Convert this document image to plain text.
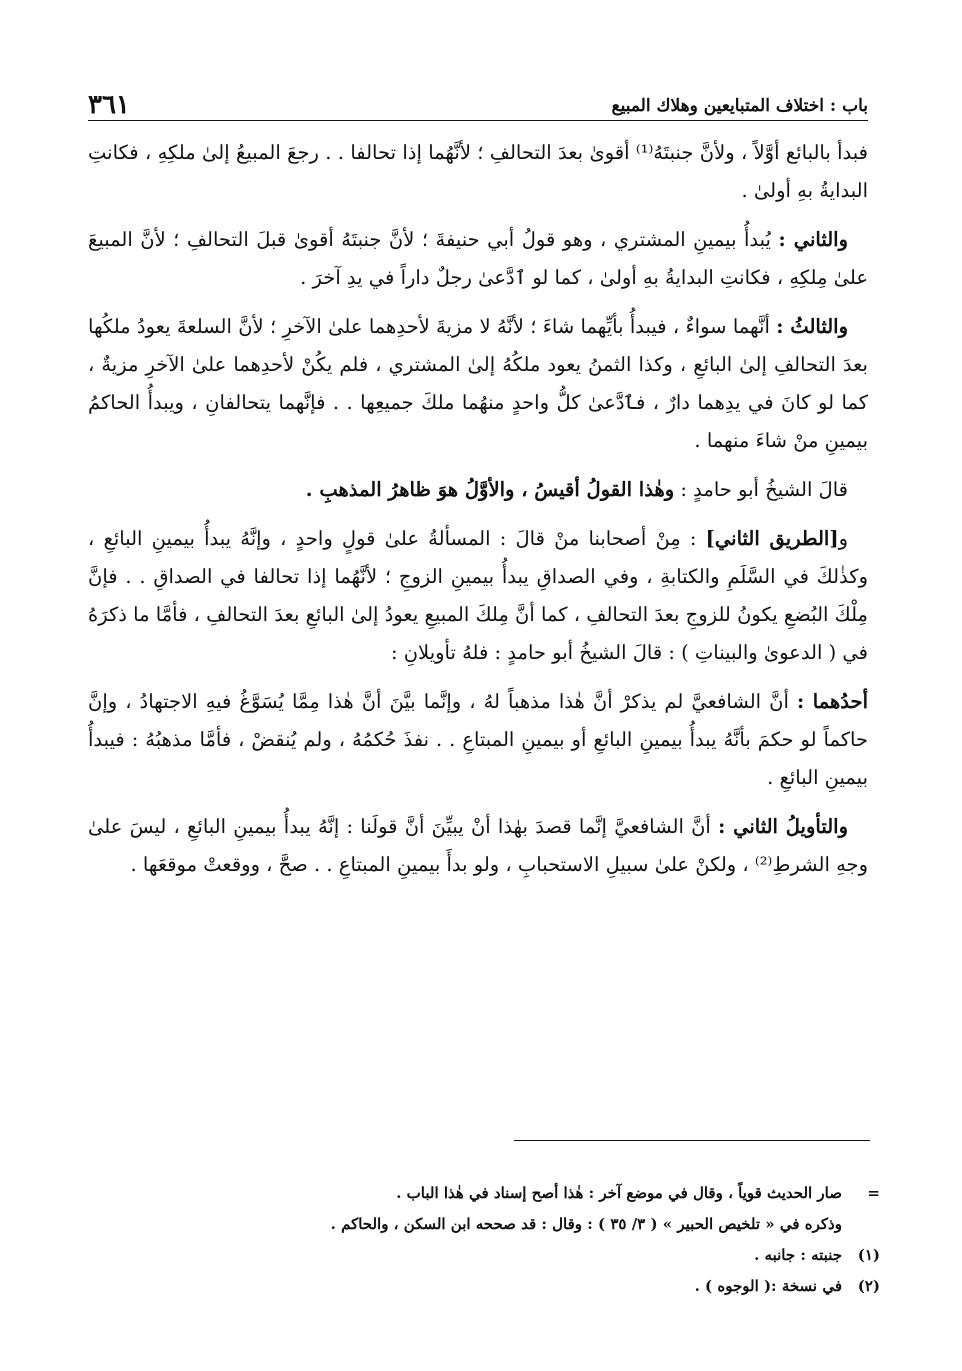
باب : اختلاف المتبايعين وهلاك المبيع
٣٦١

فبدأ بالبائع أوَّلاً ، ولأنَّ جنبتَهُ⁽¹⁾ أقوىٰ بعدَ التحالفِ ؛ لأنَّهُما إذا تحالفا . . رجعَ المبيعُ إلىٰ ملكِهِ ، فكانتِ البدايةُ بهِ أولىٰ .

والثاني : يُبدأُ بيمينِ المشتري ، وهو قولُ أبي حنيفةَ ؛ لأنَّ جنبتَهُ أقوىٰ قبلَ التحالفِ ؛ لأنَّ المبيعَ علىٰ مِلكِهِ ، فكانتِ البدايةُ بهِ أولىٰ ، كما لو ٱدَّعىٰ رجلٌ داراً في يدِ آخرَ .

والثالثُ : أنَّهما سواءٌ ، فيبدأُ بأيِّهما شاءَ ؛ لأنَّهُ لا مزيةَ لأحدِهما علىٰ الآخرِ ؛ لأنَّ السلعةَ يعودُ ملكُها بعدَ التحالفِ إلىٰ البائعِ ، وكذا الثمنُ يعود ملكُهُ إلىٰ المشتري ، فلم يكُنْ لأحدِهما علىٰ الآخرِ مزيةٌ ، كما لو كانَ في يدِهما دارٌ ، فٱدَّعىٰ كلُّ واحدٍ منهُما ملكَ جميعِها . . فإنَّهما يتحالفانِ ، ويبدأُ الحاكمُ بيمينِ منْ شاءَ منهما .

قالَ الشيخُ أبو حامدٍ : وهٰذا القولُ أقيسُ ، والأوَّلُ هوَ ظاهرُ المذهبِ .

و[الطريق الثاني] : مِنْ أصحابنا منْ قالَ : المسألةُ علىٰ قولٍ واحدٍ ، وإنَّهُ يبدأُ بيمينِ البائعِ ، وكذٰلكَ في السَّلَمِ والكتابةِ ، وفي الصداقِ يبدأُ بيمينِ الزوجِ ؛ لأنَّهُما إذا تحالفا في الصداقِ . . فإنَّ مِلْكَ البُضعِ يكونُ للزوجِ بعدَ التحالفِ ، كما أنَّ مِلكَ المبيعِ يعودُ إلىٰ البائعِ بعدَ التحالفِ ، فأمَّا ما ذكرَهُ في ( الدعوىٰ والبيناتِ ) : قالَ الشيخُ أبو حامدٍ : فلهُ تأويلانِ :

أحدُهما : أنَّ الشافعيَّ لم يذكرْ أنَّ هٰذا مذهباً لهُ ، وإنَّما بيَّنَ أنَّ هٰذا مِمَّا يُسَوَّغُ فيهِ الاجتهادُ ، وإنَّ حاكماً لو حكمَ بأنَّهُ يبدأُ بيمينِ البائعِ أو بيمينِ المبتاعِ . . نفذَ حُكمُهُ ، ولم يُنقضْ ، فأمَّا مذهبُهُ : فيبدأُ بيمينِ البائعِ .

والتأويلُ الثاني : أنَّ الشافعيَّ إنَّما قصدَ بهٰذا أنْ يبيِّنَ أنَّ قولَنا : إنَّهُ يبدأُ بيمينِ البائعِ ، ليسَ علىٰ وجهِ الشرطِ⁽²⁾ ، ولكنْ علىٰ سبيلِ الاستحبابِ ، ولو بدأَ بيمينِ المبتاعِ . . صحَّ ، ووقعتْ موقعَها .

=
صار الحديث قوياً ، وقال في موضع آخر : هٰذا أصح إسناد في هٰذا الباب .
وذكره في « تلخيص الحبير » ( ٣/ ٣٥ ) : وقال : قد صححه ابن السكن ، والحاكم .
(١)
جنبته : جانبه .
(٢)
في نسخة :( الوجوه ) .
